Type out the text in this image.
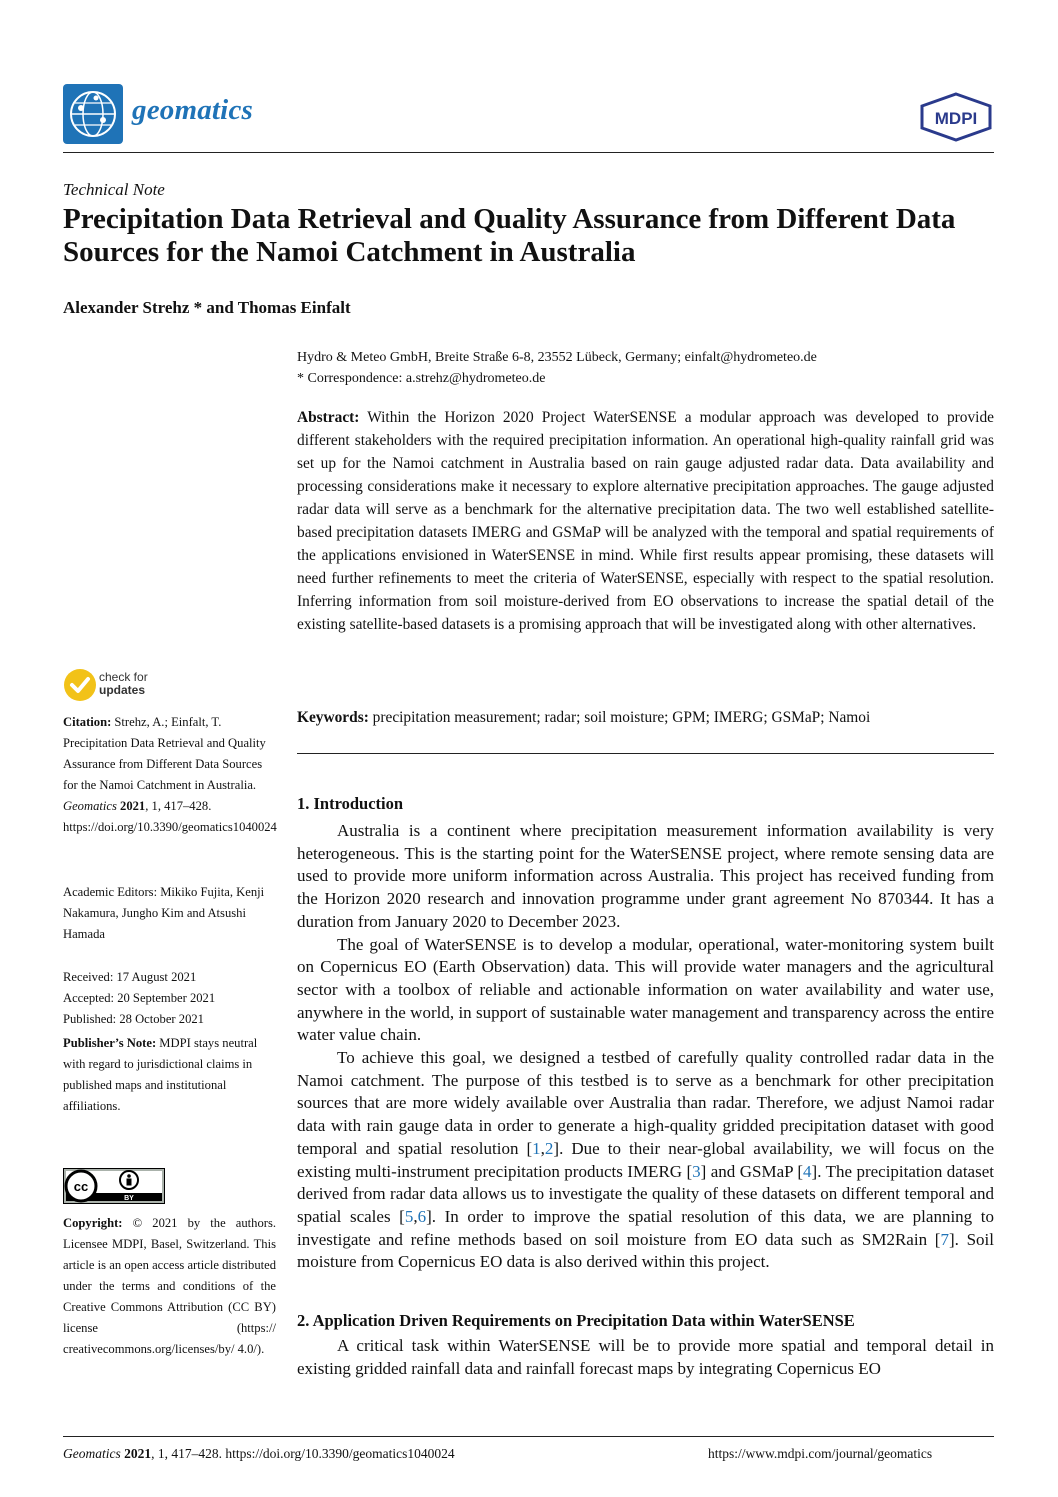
geomatics	MDPI
Technical Note
Precipitation Data Retrieval and Quality Assurance from Different Data Sources for the Namoi Catchment in Australia
Alexander Strehz * and Thomas Einfalt
Hydro & Meteo GmbH, Breite Straße 6-8, 23552 Lübeck, Germany; einfalt@hydrometeo.de
* Correspondence: a.strehz@hydrometeo.de
Abstract: Within the Horizon 2020 Project WaterSENSE a modular approach was developed to provide different stakeholders with the required precipitation information. An operational high-quality rainfall grid was set up for the Namoi catchment in Australia based on rain gauge adjusted radar data. Data availability and processing considerations make it necessary to explore alternative precipitation approaches. The gauge adjusted radar data will serve as a benchmark for the alternative precipitation data. The two well established satellite-based precipitation datasets IMERG and GSMaP will be analyzed with the temporal and spatial requirements of the applications envisioned in WaterSENSE in mind. While first results appear promising, these datasets will need further refinements to meet the criteria of WaterSENSE, especially with respect to the spatial resolution. Inferring information from soil moisture-derived from EO observations to increase the spatial detail of the existing satellite-based datasets is a promising approach that will be investigated along with other alternatives.
Keywords: precipitation measurement; radar; soil moisture; GPM; IMERG; GSMaP; Namoi
1. Introduction

Australia is a continent where precipitation measurement information availability is very heterogeneous. This is the starting point for the WaterSENSE project, where remote sensing data are used to provide more uniform information across Australia. This project has received funding from the Horizon 2020 research and innovation programme under grant agreement No 870344. It has a duration from January 2020 to December 2023.

The goal of WaterSENSE is to develop a modular, operational, water-monitoring system built on Copernicus EO (Earth Observation) data. This will provide water managers and the agricultural sector with a toolbox of reliable and actionable information on water availability and water use, anywhere in the world, in support of sustainable water management and transparency across the entire water value chain.

To achieve this goal, we designed a testbed of carefully quality controlled radar data in the Namoi catchment. The purpose of this testbed is to serve as a benchmark for other precipitation sources that are more widely available over Australia than radar. Therefore, we adjust Namoi radar data with rain gauge data in order to generate a high-quality gridded precipitation dataset with good temporal and spatial resolution [1,2]. Due to their near-global availability, we will focus on the existing multi-instrument precipitation products IMERG [3] and GSMaP [4]. The precipitation dataset derived from radar data allows us to investigate the quality of these datasets on different temporal and spatial scales [5,6]. In order to improve the spatial resolution of this data, we are planning to investigate and refine methods based on soil moisture from EO data such as SM2Rain [7]. Soil moisture from Copernicus EO data is also derived within this project.

2. Application Driven Requirements on Precipitation Data within WaterSENSE

A critical task within WaterSENSE will be to provide more spatial and temporal detail in existing gridded rainfall data and rainfall forecast maps by integrating Copernicus EO

check for
updates
Citation: Strehz, A.; Einfalt, T. Precipitation Data Retrieval and Quality Assurance from Different Data Sources for the Namoi Catchment in Australia. Geomatics 2021, 1, 417–428. https://doi.org/10.3390/geomatics1040024
Academic Editors: Mikiko Fujita, Kenji Nakamura, Jungho Kim and Atsushi Hamada
Received: 17 August 2021
Accepted: 20 September 2021
Published: 28 October 2021
Publisher’s Note: MDPI stays neutral with regard to jurisdictional claims in published maps and institutional affiliations.
cc
BY
Copyright: © 2021 by the authors. Licensee MDPI, Basel, Switzerland. This article is an open access article distributed under the terms and conditions of the Creative Commons Attribution (CC BY) license (https:// creativecommons.org/licenses/by/ 4.0/).
Geomatics 2021, 1, 417–428. https://doi.org/10.3390/geomatics1040024	https://www.mdpi.com/journal/geomatics
